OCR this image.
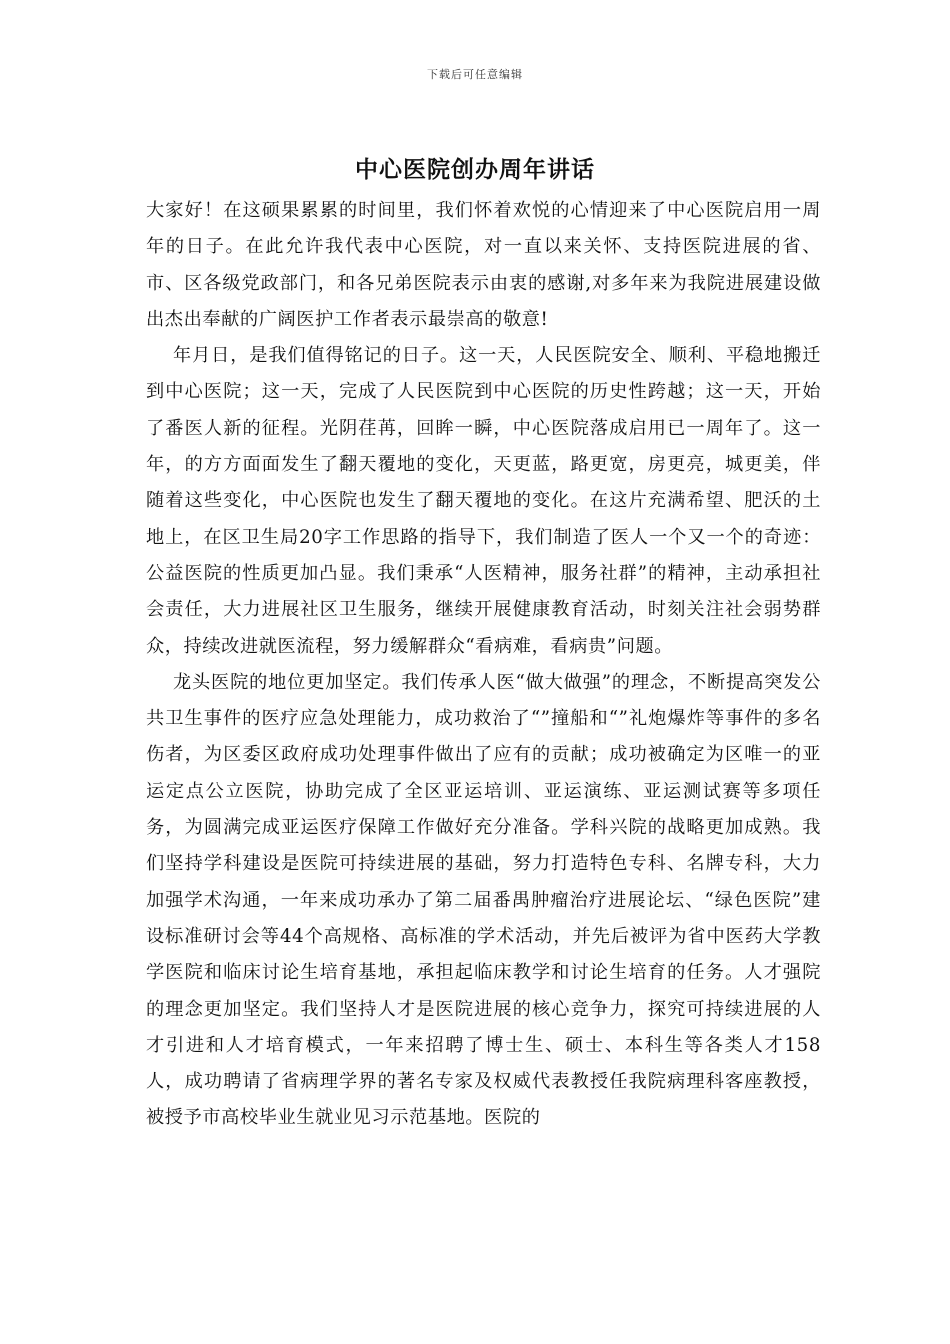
下载后可任意编辑
中心医院创办周年讲话

大家好！在这硕果累累的时间里，我们怀着欢悦的心情迎来了中心医院启用一周年的日子。在此允许我代表中心医院，对一直以来关怀、支持医院进展的省、市、区各级党政部门，和各兄弟医院表示由衷的感谢,对多年来为我院进展建设做出杰出奉献的广阔医护工作者表示最崇高的敬意!

年月日，是我们值得铭记的日子。这一天，人民医院安全、顺利、平稳地搬迁到中心医院；这一天，完成了人民医院到中心医院的历史性跨越；这一天，开始了番医人新的征程。光阴荏苒，回眸一瞬，中心医院落成启用已一周年了。这一年，的方方面面发生了翻天覆地的变化，天更蓝，路更宽，房更亮，城更美，伴随着这些变化，中心医院也发生了翻天覆地的变化。在这片充满希望、肥沃的土地上，在区卫生局20字工作思路的指导下，我们制造了医人一个又一个的奇迹：公益医院的性质更加凸显。我们秉承“人医精神，服务社群”的精神，主动承担社会责任，大力进展社区卫生服务，继续开展健康教育活动，时刻关注社会弱势群众，持续改进就医流程，努力缓解群众“看病难，看病贵”问题。

龙头医院的地位更加坚定。我们传承人医“做大做强”的理念，不断提高突发公共卫生事件的医疗应急处理能力，成功救治了“”撞船和“”礼炮爆炸等事件的多名伤者，为区委区政府成功处理事件做出了应有的贡献；成功被确定为区唯一的亚运定点公立医院，协助完成了全区亚运培训、亚运演练、亚运测试赛等多项任务，为圆满完成亚运医疗保障工作做好充分准备。学科兴院的战略更加成熟。我们坚持学科建设是医院可持续进展的基础，努力打造特色专科、名牌专科，大力加强学术沟通，一年来成功承办了第二届番禺肿瘤治疗进展论坛、“绿色医院”建设标准研讨会等44个高规格、高标准的学术活动，并先后被评为省中医药大学教学医院和临床讨论生培育基地，承担起临床教学和讨论生培育的任务。人才强院的理念更加坚定。我们坚持人才是医院进展的核心竞争力，探究可持续进展的人才引进和人才培育模式，一年来招聘了博士生、硕士、本科生等各类人才158人，成功聘请了省病理学界的著名专家及权威代表教授任我院病理科客座教授，被授予市高校毕业生就业见习示范基地。医院的
